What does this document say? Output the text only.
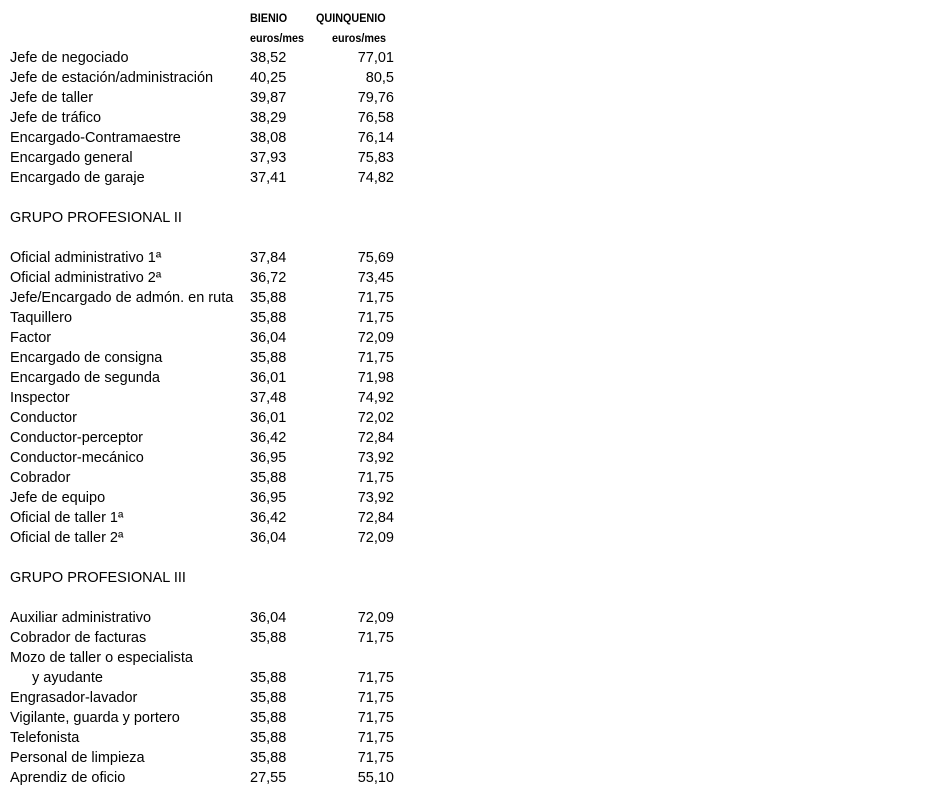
BIENIO QUINQUENIO
euros/mes euros/mes
Jefe de negociado	38,52	77,01
Jefe de estación/administración	40,25	80,5
Jefe de taller	39,87	79,76
Jefe de tráfico	38,29	76,58
Encargado-Contramaestre	38,08	76,14
Encargado general	37,93	75,83
Encargado de garaje	37,41	74,82
GRUPO PROFESIONAL II
Oficial administrativo 1ª	37,84	75,69
Oficial administrativo 2ª	36,72	73,45
Jefe/Encargado de admón. en ruta 35,88	71,75
Taquillero	35,88	71,75
Factor	36,04	72,09
Encargado de consigna	35,88	71,75
Encargado de segunda	36,01	71,98
Inspector	37,48	74,92
Conductor	36,01	72,02
Conductor-perceptor	36,42	72,84
Conductor-mecánico	36,95	73,92
Cobrador	35,88	71,75
Jefe de equipo	36,95	73,92
Oficial de taller 1ª	36,42	72,84
Oficial de taller 2ª	36,04	72,09
GRUPO PROFESIONAL III
Auxiliar administrativo	36,04	72,09
Cobrador de facturas	35,88	71,75
Mozo de taller o especialista
y ayudante	35,88	71,75
Engrasador-lavador	35,88	71,75
Vigilante, guarda y portero	35,88	71,75
Telefonista	35,88	71,75
Personal de limpieza	35,88	71,75
Aprendiz de oficio	27,55	55,10
